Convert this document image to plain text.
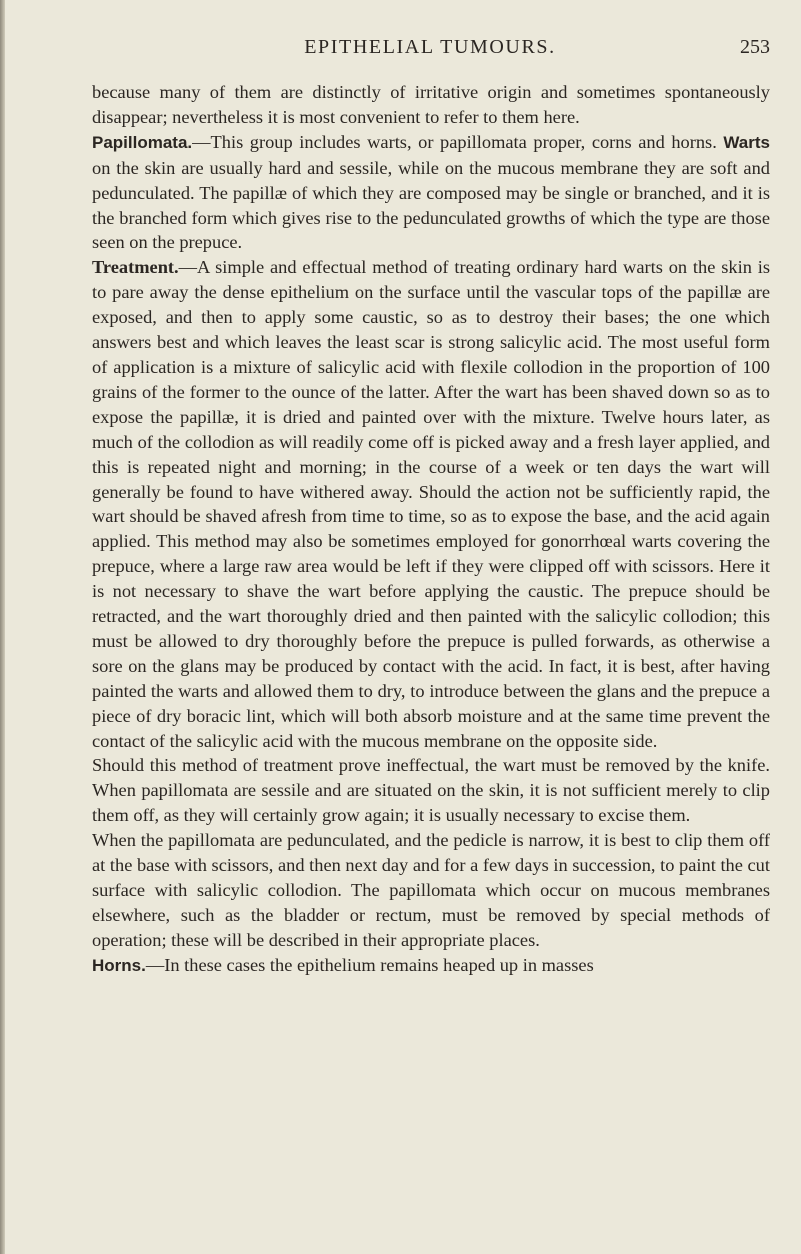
EPITHELIAL TUMOURS.	253

because many of them are distinctly of irritative origin and sometimes spontaneously disappear; nevertheless it is most convenient to refer to them here.

Papillomata.—This group includes warts, or papillomata proper, corns and horns. Warts on the skin are usually hard and sessile, while on the mucous membrane they are soft and pedunculated. The papillæ of which they are composed may be single or branched, and it is the branched form which gives rise to the pedunculated growths of which the type are those seen on the prepuce.

Treatment.—A simple and effectual method of treating ordinary hard warts on the skin is to pare away the dense epithelium on the surface until the vascular tops of the papillæ are exposed, and then to apply some caustic, so as to destroy their bases; the one which answers best and which leaves the least scar is strong salicylic acid. The most useful form of application is a mixture of salicylic acid with flexile collodion in the proportion of 100 grains of the former to the ounce of the latter. After the wart has been shaved down so as to expose the papillæ, it is dried and painted over with the mixture. Twelve hours later, as much of the collodion as will readily come off is picked away and a fresh layer applied, and this is repeated night and morning; in the course of a week or ten days the wart will generally be found to have withered away. Should the action not be sufficiently rapid, the wart should be shaved afresh from time to time, so as to expose the base, and the acid again applied. This method may also be sometimes employed for gonorrhœal warts covering the prepuce, where a large raw area would be left if they were clipped off with scissors. Here it is not necessary to shave the wart before applying the caustic. The prepuce should be retracted, and the wart thoroughly dried and then painted with the salicylic collodion; this must be allowed to dry thoroughly before the prepuce is pulled forwards, as otherwise a sore on the glans may be produced by contact with the acid. In fact, it is best, after having painted the warts and allowed them to dry, to introduce between the glans and the prepuce a piece of dry boracic lint, which will both absorb moisture and at the same time prevent the contact of the salicylic acid with the mucous membrane on the opposite side.

Should this method of treatment prove ineffectual, the wart must be removed by the knife. When papillomata are sessile and are situated on the skin, it is not sufficient merely to clip them off, as they will certainly grow again; it is usually necessary to excise them.

When the papillomata are pedunculated, and the pedicle is narrow, it is best to clip them off at the base with scissors, and then next day and for a few days in succession, to paint the cut surface with salicylic collodion. The papillomata which occur on mucous membranes elsewhere, such as the bladder or rectum, must be removed by special methods of operation; these will be described in their appropriate places.

Horns.—In these cases the epithelium remains heaped up in masses
